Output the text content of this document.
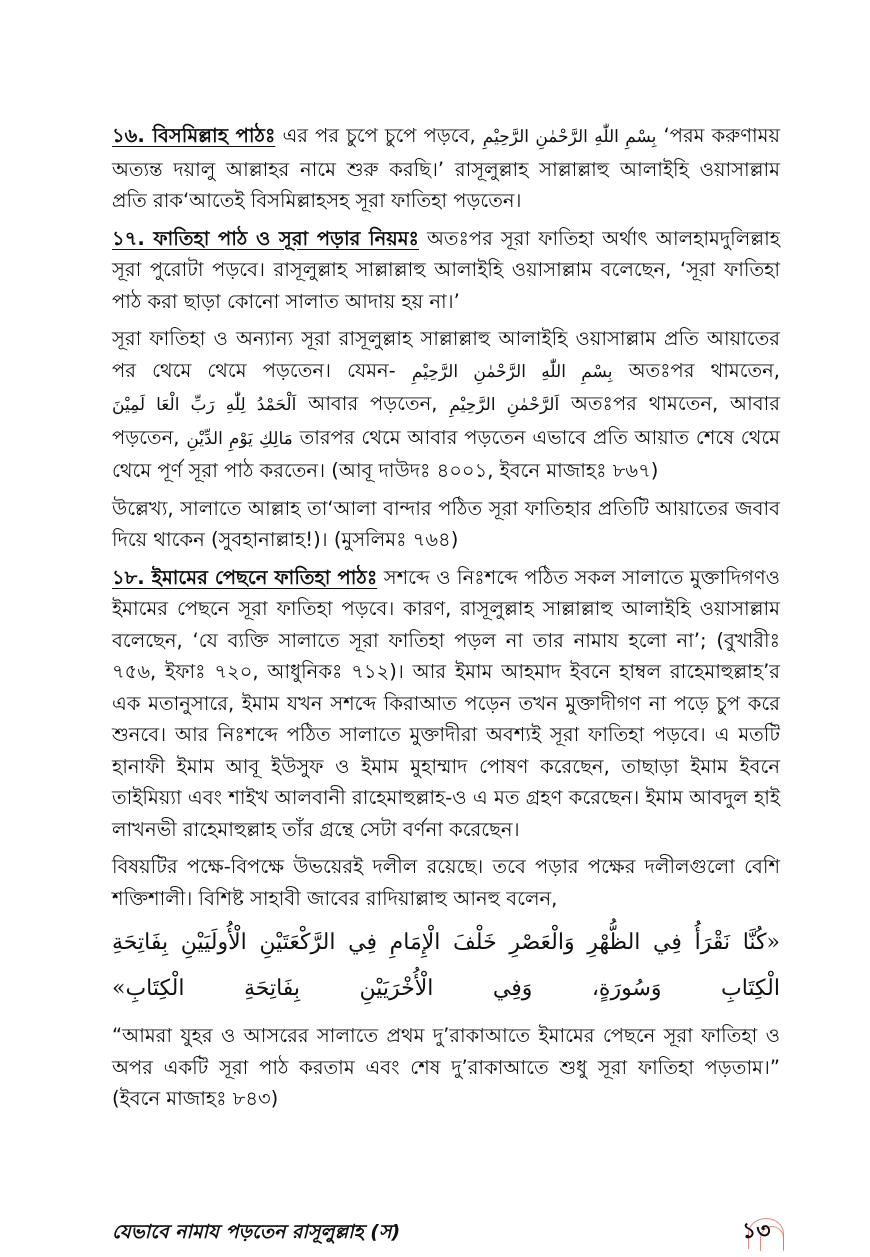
১৬. বিসমিল্লাহ পাঠঃ এর পর চুপে চুপে পড়বে, بِسْمِ اللّٰهِ الرَّحْمٰنِ الرَّحِيْمِ ‘পরম করুণাময় অত্যন্ত দয়ালু আল্লাহর নামে শুরু করছি।’ রাসূলুল্লাহ সাল্লাল্লাহু আলাইহি ওয়াসাল্লাম প্রতি রাক‘আতেই বিসমিল্লাহসহ সূরা ফাতিহা পড়তেন।

১৭. ফাতিহা পাঠ ও সূরা পড়ার নিয়মঃ অতঃপর সূরা ফাতিহা অর্থাৎ আলহামদুলিল্লাহ সূরা পুরোটা পড়বে। রাসূলুল্লাহ সাল্লাল্লাহু আলাইহি ওয়াসাল্লাম বলেছেন, ‘সূরা ফাতিহা পাঠ করা ছাড়া কোনো সালাত আদায় হয় না।’

সূরা ফাতিহা ও অন্যান্য সূরা রাসূলুল্লাহ সাল্লাল্লাহু আলাইহি ওয়াসাল্লাম প্রতি আয়াতের পর থেমে থেমে পড়তেন। যেমন- بِسْمِ اللّٰهِ الرَّحْمٰنِ الرَّحِيْمِ অতঃপর থামতেন, اَلْحَمْدُ لِلّٰهِ رَبِّ الْعَا لَمِيْنَ আবার পড়তেন, اَلرَّحْمٰنِ الرَّحِيْمِ অতঃপর থামতেন, আবার পড়তেন, مَالِكِ يَوْمِ الدِّيْنِ তারপর থেমে আবার পড়তেন এভাবে প্রতি আয়াত শেষে থেমে থেমে পূর্ণ সূরা পাঠ করতেন। (আবূ দাউদঃ ৪০০১, ইবনে মাজাহঃ ৮৬৭)

উল্লেখ্য, সালাতে আল্লাহ তা‘আলা বান্দার পঠিত সূরা ফাতিহার প্রতিটি আয়াতের জবাব দিয়ে থাকেন (সুবহানাল্লাহ!)। (মুসলিমঃ ৭৬৪)

১৮. ইমামের পেছনে ফাতিহা পাঠঃ সশব্দে ও নিঃশব্দে পঠিত সকল সালাতে মুক্তাদিগণও ইমামের পেছনে সূরা ফাতিহা পড়বে। কারণ, রাসূলুল্লাহ সাল্লাল্লাহু আলাইহি ওয়াসাল্লাম বলেছেন, ‘যে ব্যক্তি সালাতে সূরা ফাতিহা পড়ল না তার নামায হলো না’; (বুখারীঃ ৭৫৬, ইফাঃ ৭২০, আধুনিকঃ ৭১২)। আর ইমাম আহমাদ ইবনে হাম্বল রাহেমাহুল্লাহ’র এক মতানুসারে, ইমাম যখন সশব্দে কিরাআত পড়েন তখন মুক্তাদীগণ না পড়ে চুপ করে শুনবে। আর নিঃশব্দে পঠিত সালাতে মুক্তাদীরা অবশ্যই সূরা ফাতিহা পড়বে। এ মতটি হানাফী ইমাম আবূ ইউসুফ ও ইমাম মুহাম্মাদ পোষণ করেছেন, তাছাড়া ইমাম ইবনে তাইমিয়্যা এবং শাইখ আলবানী রাহেমাহুল্লাহ-ও এ মত গ্রহণ করেছেন। ইমাম আবদুল হাই লাখনভী রাহেমাহুল্লাহ তাঁর গ্রন্থে সেটা বর্ণনা করেছেন।

বিষয়টির পক্ষে-বিপক্ষে উভয়েরই দলীল রয়েছে। তবে পড়ার পক্ষের দলীলগুলো বেশি শক্তিশালী। বিশিষ্ট সাহাবী জাবের রাদিয়াল্লাহু আনহু বলেন,

«كُنَّا نَقْرَأُ فِي الظُّهْرِ وَالْعَصْرِ خَلْفَ الْإِمَامِ فِي الرَّكْعَتَيْنِ الْأُولَيَيْنِ بِفَاتِحَةِ
الْكِتَابِ وَسُورَةٍ، وَفِي الْأُخْرَيَيْنِ بِفَاتِحَةِ الْكِتَابِ»

“আমরা যুহর ও আসরের সালাতে প্রথম দু’রাকাআতে ইমামের পেছনে সূরা ফাতিহা ও অপর একটি সূরা পাঠ করতাম এবং শেষ দু’রাকাআতে শুধু সূরা ফাতিহা পড়তাম।” (ইবনে মাজাহঃ ৮৪৩)

যেভাবে নামায পড়তেন রাসূলুল্লাহ (স)	১৩
